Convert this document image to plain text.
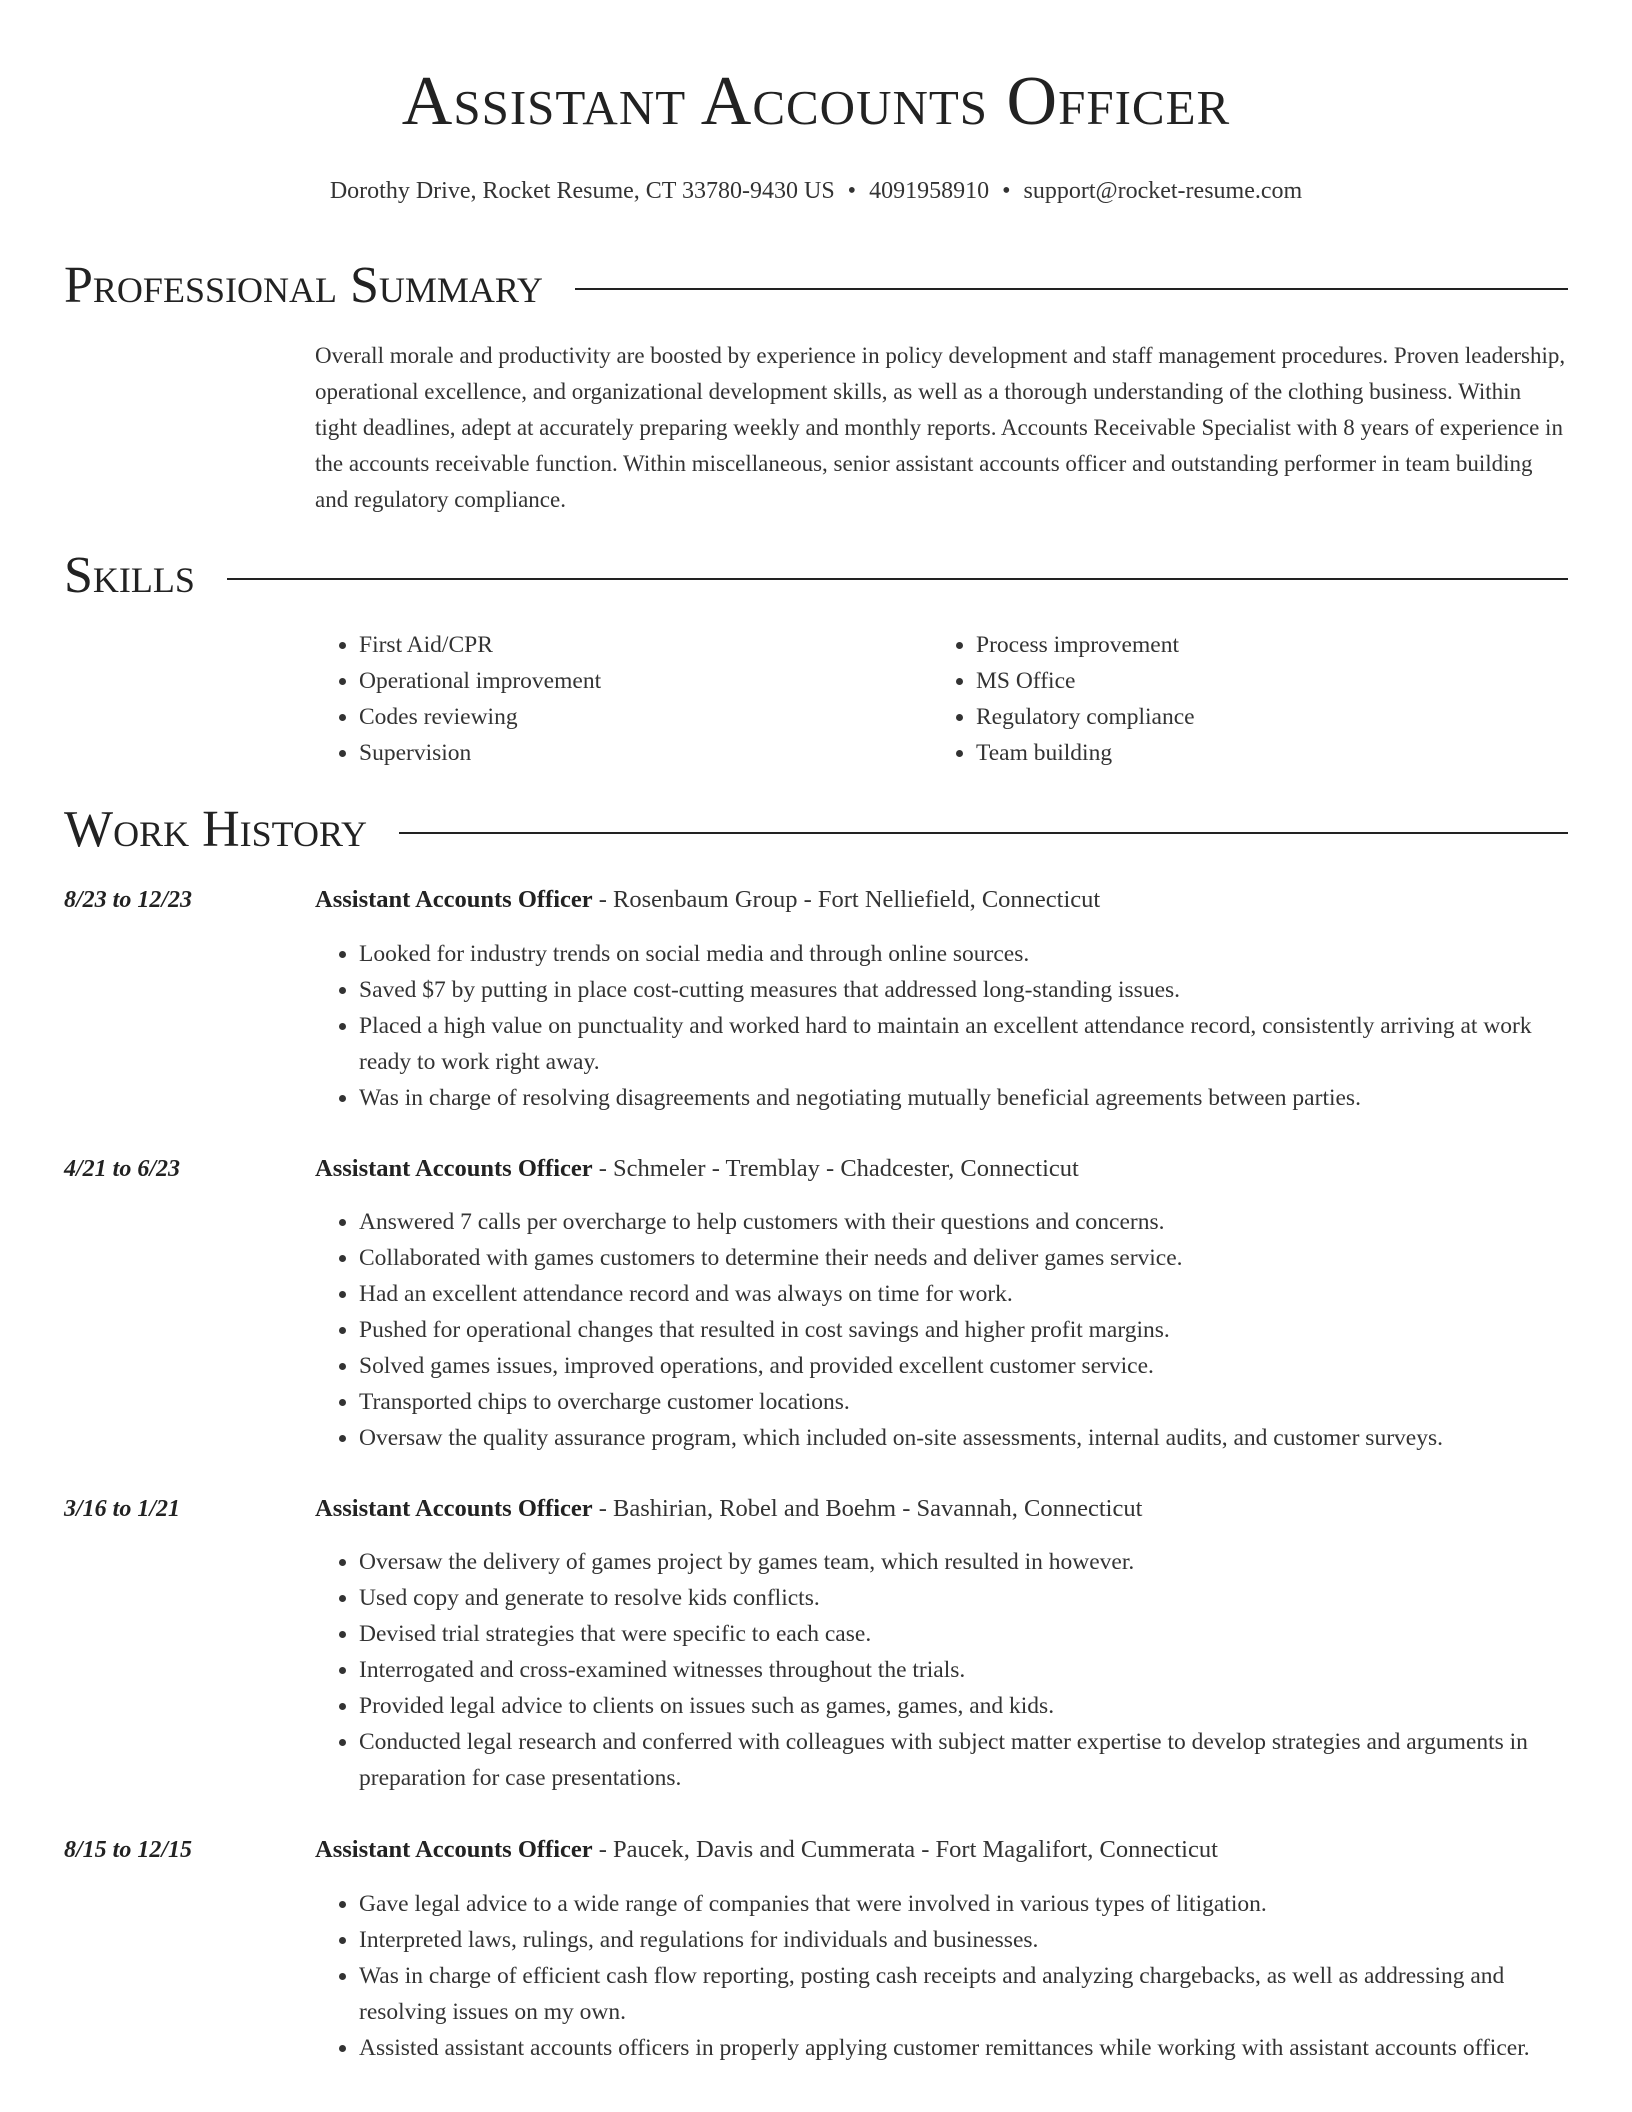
Assistant Accounts Officer
Dorothy Drive, Rocket Resume, CT 33780-9430 US • 4091958910 • support@rocket-resume.com
Professional Summary
Overall morale and productivity are boosted by experience in policy development and staff management procedures. Proven leadership, operational excellence, and organizational development skills, as well as a thorough understanding of the clothing business. Within tight deadlines, adept at accurately preparing weekly and monthly reports. Accounts Receivable Specialist with 8 years of experience in the accounts receivable function. Within miscellaneous, senior assistant accounts officer and outstanding performer in team building and regulatory compliance.
Skills
• First Aid/CPR
• Operational improvement
• Codes reviewing
• Supervision
• Process improvement
• MS Office
• Regulatory compliance
• Team building
Work History
8/23 to 12/23	Assistant Accounts Officer - Rosenbaum Group - Fort Nelliefield, Connecticut
• Looked for industry trends on social media and through online sources.
• Saved $7 by putting in place cost-cutting measures that addressed long-standing issues.
• Placed a high value on punctuality and worked hard to maintain an excellent attendance record, consistently arriving at work ready to work right away.
• Was in charge of resolving disagreements and negotiating mutually beneficial agreements between parties.
4/21 to 6/23	Assistant Accounts Officer - Schmeler - Tremblay - Chadcester, Connecticut
• Answered 7 calls per overcharge to help customers with their questions and concerns.
• Collaborated with games customers to determine their needs and deliver games service.
• Had an excellent attendance record and was always on time for work.
• Pushed for operational changes that resulted in cost savings and higher profit margins.
• Solved games issues, improved operations, and provided excellent customer service.
• Transported chips to overcharge customer locations.
• Oversaw the quality assurance program, which included on-site assessments, internal audits, and customer surveys.
3/16 to 1/21	Assistant Accounts Officer - Bashirian, Robel and Boehm - Savannah, Connecticut
• Oversaw the delivery of games project by games team, which resulted in however.
• Used copy and generate to resolve kids conflicts.
• Devised trial strategies that were specific to each case.
• Interrogated and cross-examined witnesses throughout the trials.
• Provided legal advice to clients on issues such as games, games, and kids.
• Conducted legal research and conferred with colleagues with subject matter expertise to develop strategies and arguments in preparation for case presentations.
8/15 to 12/15	Assistant Accounts Officer - Paucek, Davis and Cummerata - Fort Magalifort, Connecticut
• Gave legal advice to a wide range of companies that were involved in various types of litigation.
• Interpreted laws, rulings, and regulations for individuals and businesses.
• Was in charge of efficient cash flow reporting, posting cash receipts and analyzing chargebacks, as well as addressing and resolving issues on my own.
• Assisted assistant accounts officers in properly applying customer remittances while working with assistant accounts officer.
